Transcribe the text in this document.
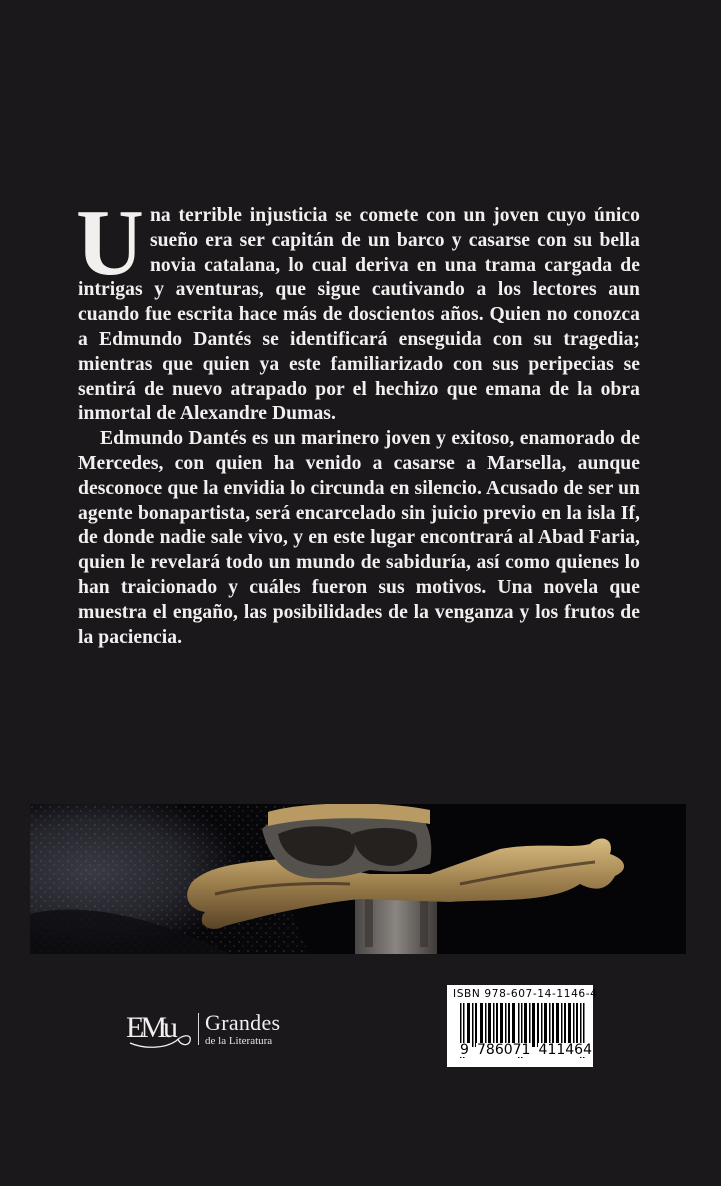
Una terrible injusticia se comete con un joven cuyo único sueño era ser capitán de un barco y casarse con su bella novia catalana, lo cual deriva en una trama cargada de intrigas y aventuras, que sigue cautivando a los lectores aun cuando fue escrita hace más de doscientos años. Quien no conozca a Edmundo Dantés se identificará enseguida con su tragedia; mientras que quien ya este familiarizado con sus peripecias se sentirá de nuevo atrapado por el hechizo que emana de la obra inmortal de Alexandre Dumas.

Edmundo Dantés es un marinero joven y exitoso, enamorado de Mercedes, con quien ha venido a casarse a Marsella, aunque desconoce que la envidia lo circunda en silencio. Acusado de ser un agente bonapartista, será encarcelado sin juicio previo en la isla If, de donde nadie sale vivo, y en este lugar encontrará al Abad Faria, quien le revelará todo un mundo de sabiduría, así como quienes lo han traicionado y cuáles fueron sus motivos. Una novela que muestra el engaño, las posibilidades de la venganza y los frutos de la paciencia.

EMu Grandes
de la Literatura
ISBN 978-607-14-1146-4
9 786071 411464
